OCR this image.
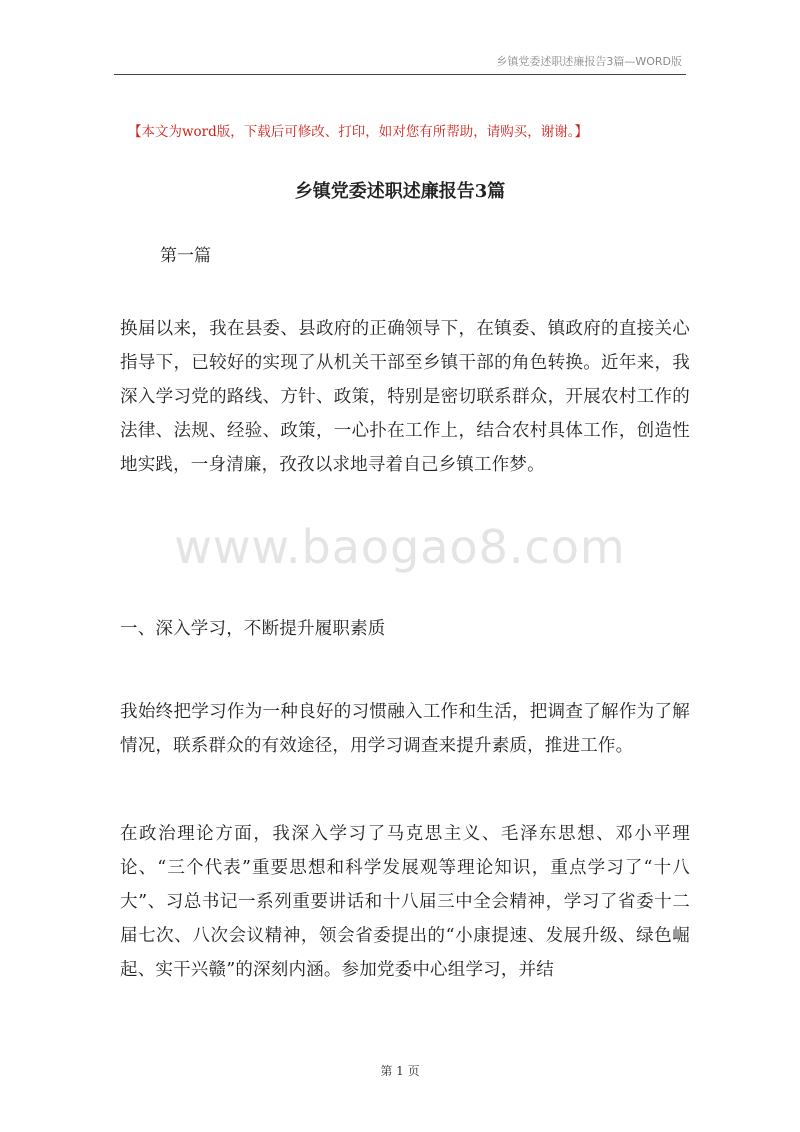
乡镇党委述职述廉报告3篇—WORD版
【本文为word版，下载后可修改、打印，如对您有所帮助，请购买，谢谢。】
乡镇党委述职述廉报告3篇
第一篇

换届以来，我在县委、县政府的正确领导下，在镇委、镇政府的直接关心指导下，已较好的实现了从机关干部至乡镇干部的角色转换。近年来，我深入学习党的路线、方针、政策，特别是密切联系群众，开展农村工作的法律、法规、经验、政策，一心扑在工作上，结合农村具体工作，创造性地实践，一身清廉，孜孜以求地寻着自己乡镇工作梦。

www.baogao8.com

一、深入学习，不断提升履职素质

我始终把学习作为一种良好的习惯融入工作和生活，把调查了解作为了解情况，联系群众的有效途径，用学习调查来提升素质，推进工作。

在政治理论方面，我深入学习了马克思主义、毛泽东思想、邓小平理论、“三个代表”重要思想和科学发展观等理论知识，重点学习了“十八大”、习总书记一系列重要讲话和十八届三中全会精神，学习了省委十二届七次、八次会议精神，领会省委提出的“小康提速、发展升级、绿色崛起、实干兴赣”的深刻内涵。参加党委中心组学习，并结

第 1 页
